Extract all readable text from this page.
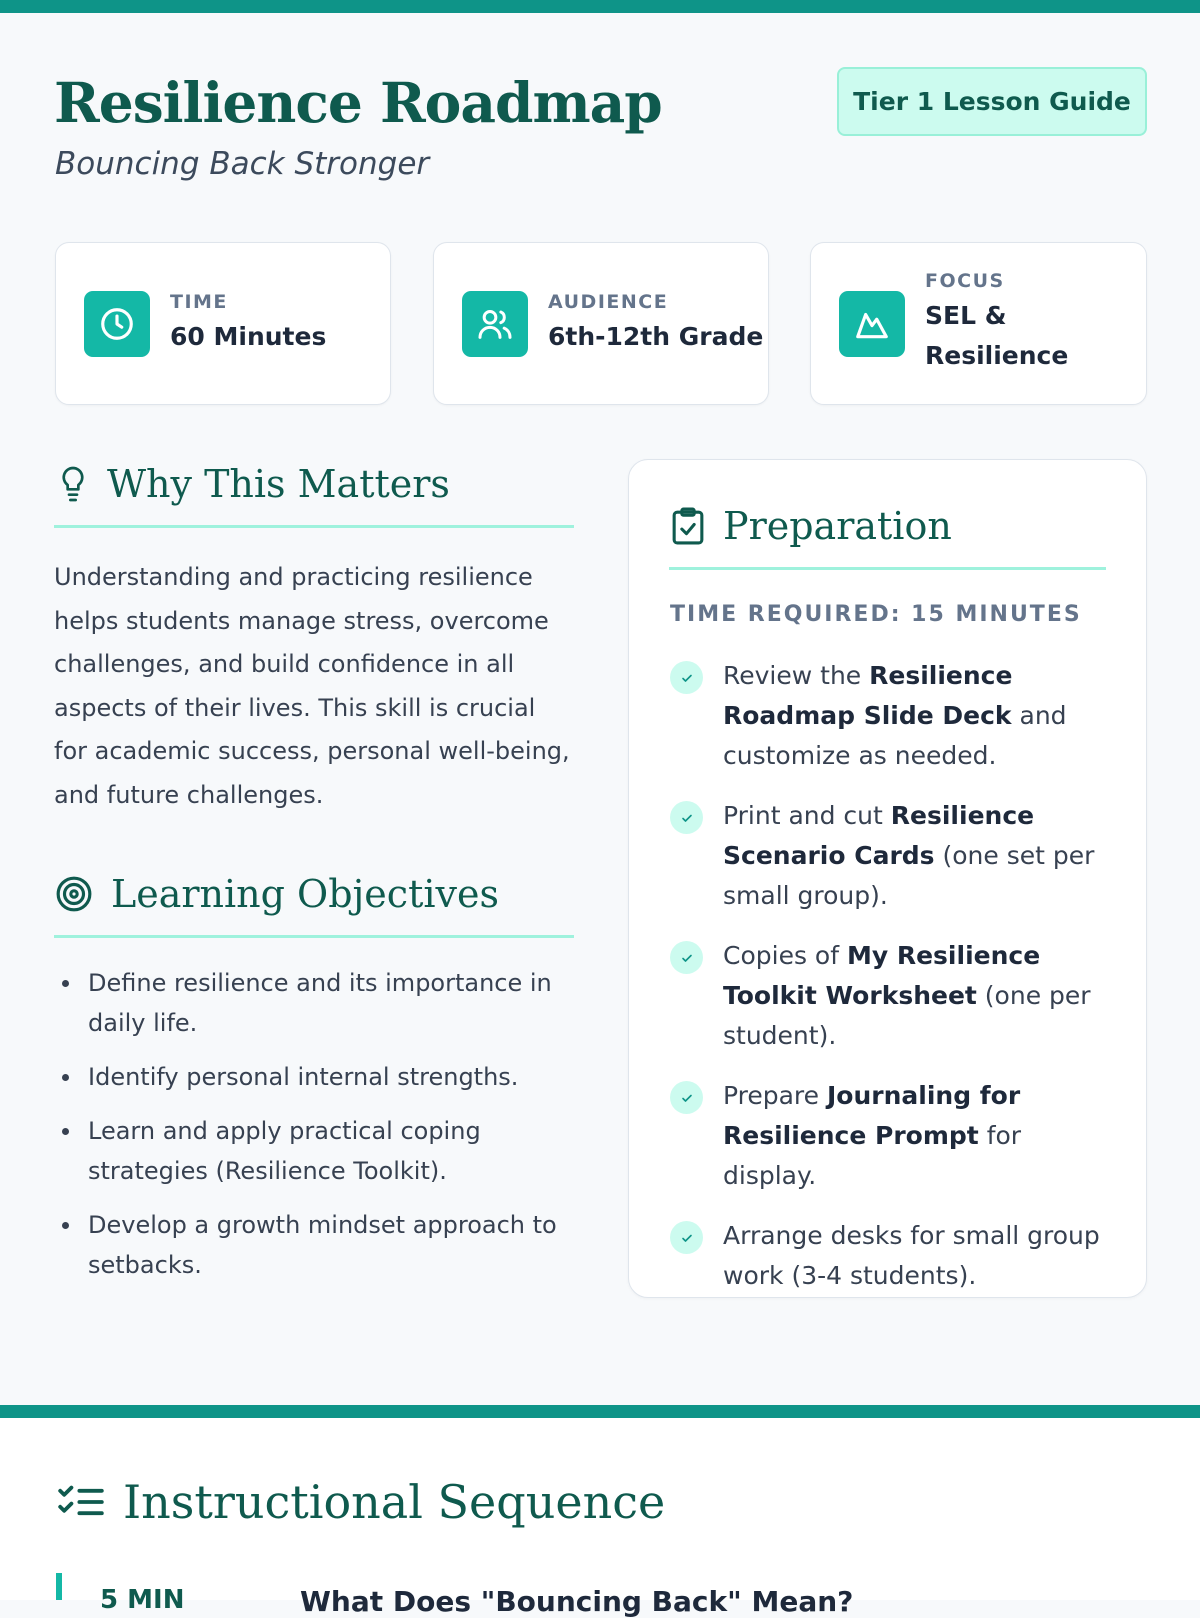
Resilience Roadmap
Bouncing Back Stronger
Tier 1 Lesson Guide
TIME
60 Minutes
AUDIENCE
6th-12th Grade
FOCUS
SEL &
Resilience
Why This Matters

Understanding and practicing resilience helps students manage stress, overcome challenges, and build confidence in all aspects of their lives. This skill is crucial for academic success, personal well-being, and future challenges.

Learning Objectives
Define resilience and its importance in daily life.
Identify personal internal strengths.
Learn and apply practical coping strategies (Resilience Toolkit).
Develop a growth mindset approach to setbacks.
Preparation
TIME REQUIRED: 15 MINUTES
Review the Resilience Roadmap Slide Deck and customize as needed.
Print and cut Resilience Scenario Cards (one set per small group).
Copies of My Resilience Toolkit Worksheet (one per student).
Prepare Journaling for Resilience Prompt for display.
Arrange desks for small group work (3-4 students).
Instructional Sequence
5 MIN	What Does "Bouncing Back" Mean?
